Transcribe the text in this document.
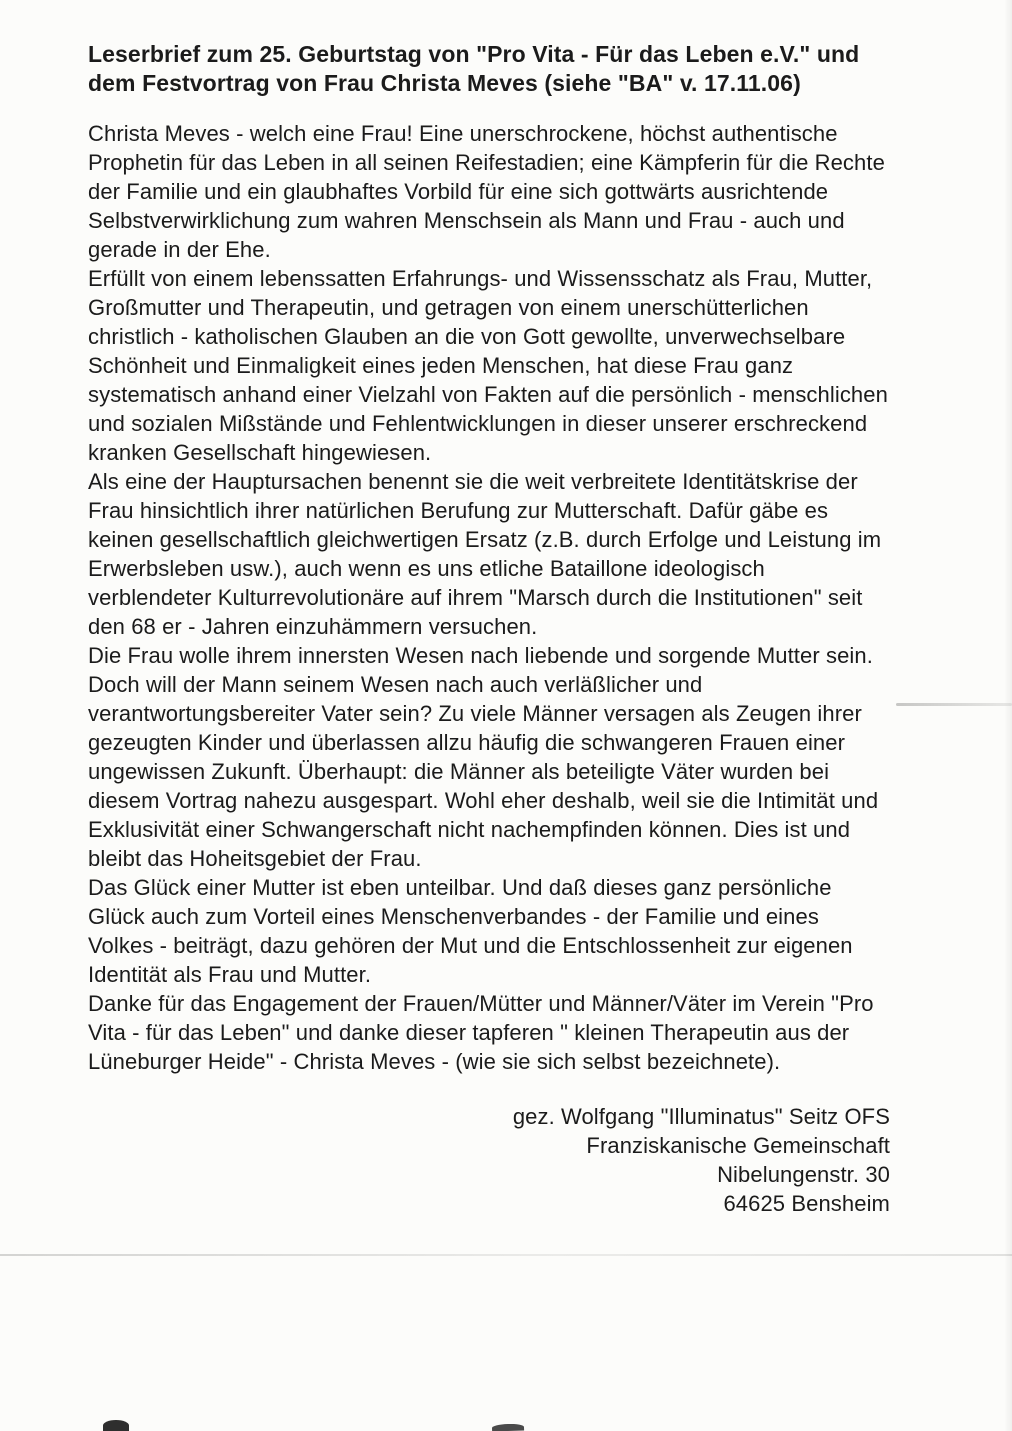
Leserbrief zum 25. Geburtstag von "Pro Vita - Für das Leben e.V." und
dem Festvortrag von Frau Christa Meves (siehe "BA" v. 17.11.06)

Christa Meves - welch eine Frau! Eine unerschrockene, höchst authentische Prophetin für das Leben in all seinen Reifestadien; eine Kämpferin für die Rechte der Familie und ein glaubhaftes Vorbild für eine sich gottwärts ausrichtende Selbstverwirklichung zum wahren Menschsein als Mann und Frau - auch und gerade in der Ehe.

Erfüllt von einem lebenssatten Erfahrungs- und Wissensschatz als Frau, Mutter, Großmutter und Therapeutin, und getragen von einem unerschütterlichen christlich - katholischen Glauben an die von Gott gewollte, unverwechselbare Schönheit und Einmaligkeit eines jeden Menschen, hat diese Frau ganz systematisch anhand einer Vielzahl von Fakten auf die persönlich - menschlichen und sozialen Mißstände und Fehlentwicklungen in dieser unserer erschreckend kranken Gesellschaft hingewiesen.

Als eine der Hauptursachen benennt sie die weit verbreitete Identitätskrise der Frau hinsichtlich ihrer natürlichen Berufung zur Mutterschaft. Dafür gäbe es keinen gesellschaftlich gleichwertigen Ersatz (z.B. durch Erfolge und Leistung im Erwerbsleben usw.), auch wenn es uns etliche Bataillone ideologisch verblendeter Kulturrevolutionäre auf ihrem "Marsch durch die Institutionen" seit den 68 er - Jahren einzuhämmern versuchen.

Die Frau wolle ihrem innersten Wesen nach liebende und sorgende Mutter sein. Doch will der Mann seinem Wesen nach auch verläßlicher und verantwortungsbereiter Vater sein? Zu viele Männer versagen als Zeugen ihrer gezeugten Kinder und überlassen allzu häufig die schwangeren Frauen einer ungewissen Zukunft. Überhaupt: die Männer als beteiligte Väter wurden bei diesem Vortrag nahezu ausgespart. Wohl eher deshalb, weil sie die Intimität und Exklusivität einer Schwangerschaft nicht nachempfinden können. Dies ist und bleibt das Hoheitsgebiet der Frau.

Das Glück einer Mutter ist eben unteilbar. Und daß dieses ganz persönliche Glück auch zum Vorteil eines Menschenverbandes - der Familie und eines Volkes - beiträgt, dazu gehören der Mut und die Entschlossenheit zur eigenen Identität als Frau und Mutter.

Danke für das Engagement der Frauen/Mütter und Männer/Väter im Verein "Pro Vita - für das Leben" und danke dieser tapferen " kleinen Therapeutin aus der Lüneburger Heide" - Christa Meves - (wie sie sich selbst bezeichnete).

gez. Wolfgang "Illuminatus" Seitz OFS
Franziskanische Gemeinschaft
Nibelungenstr. 30
64625 Bensheim
